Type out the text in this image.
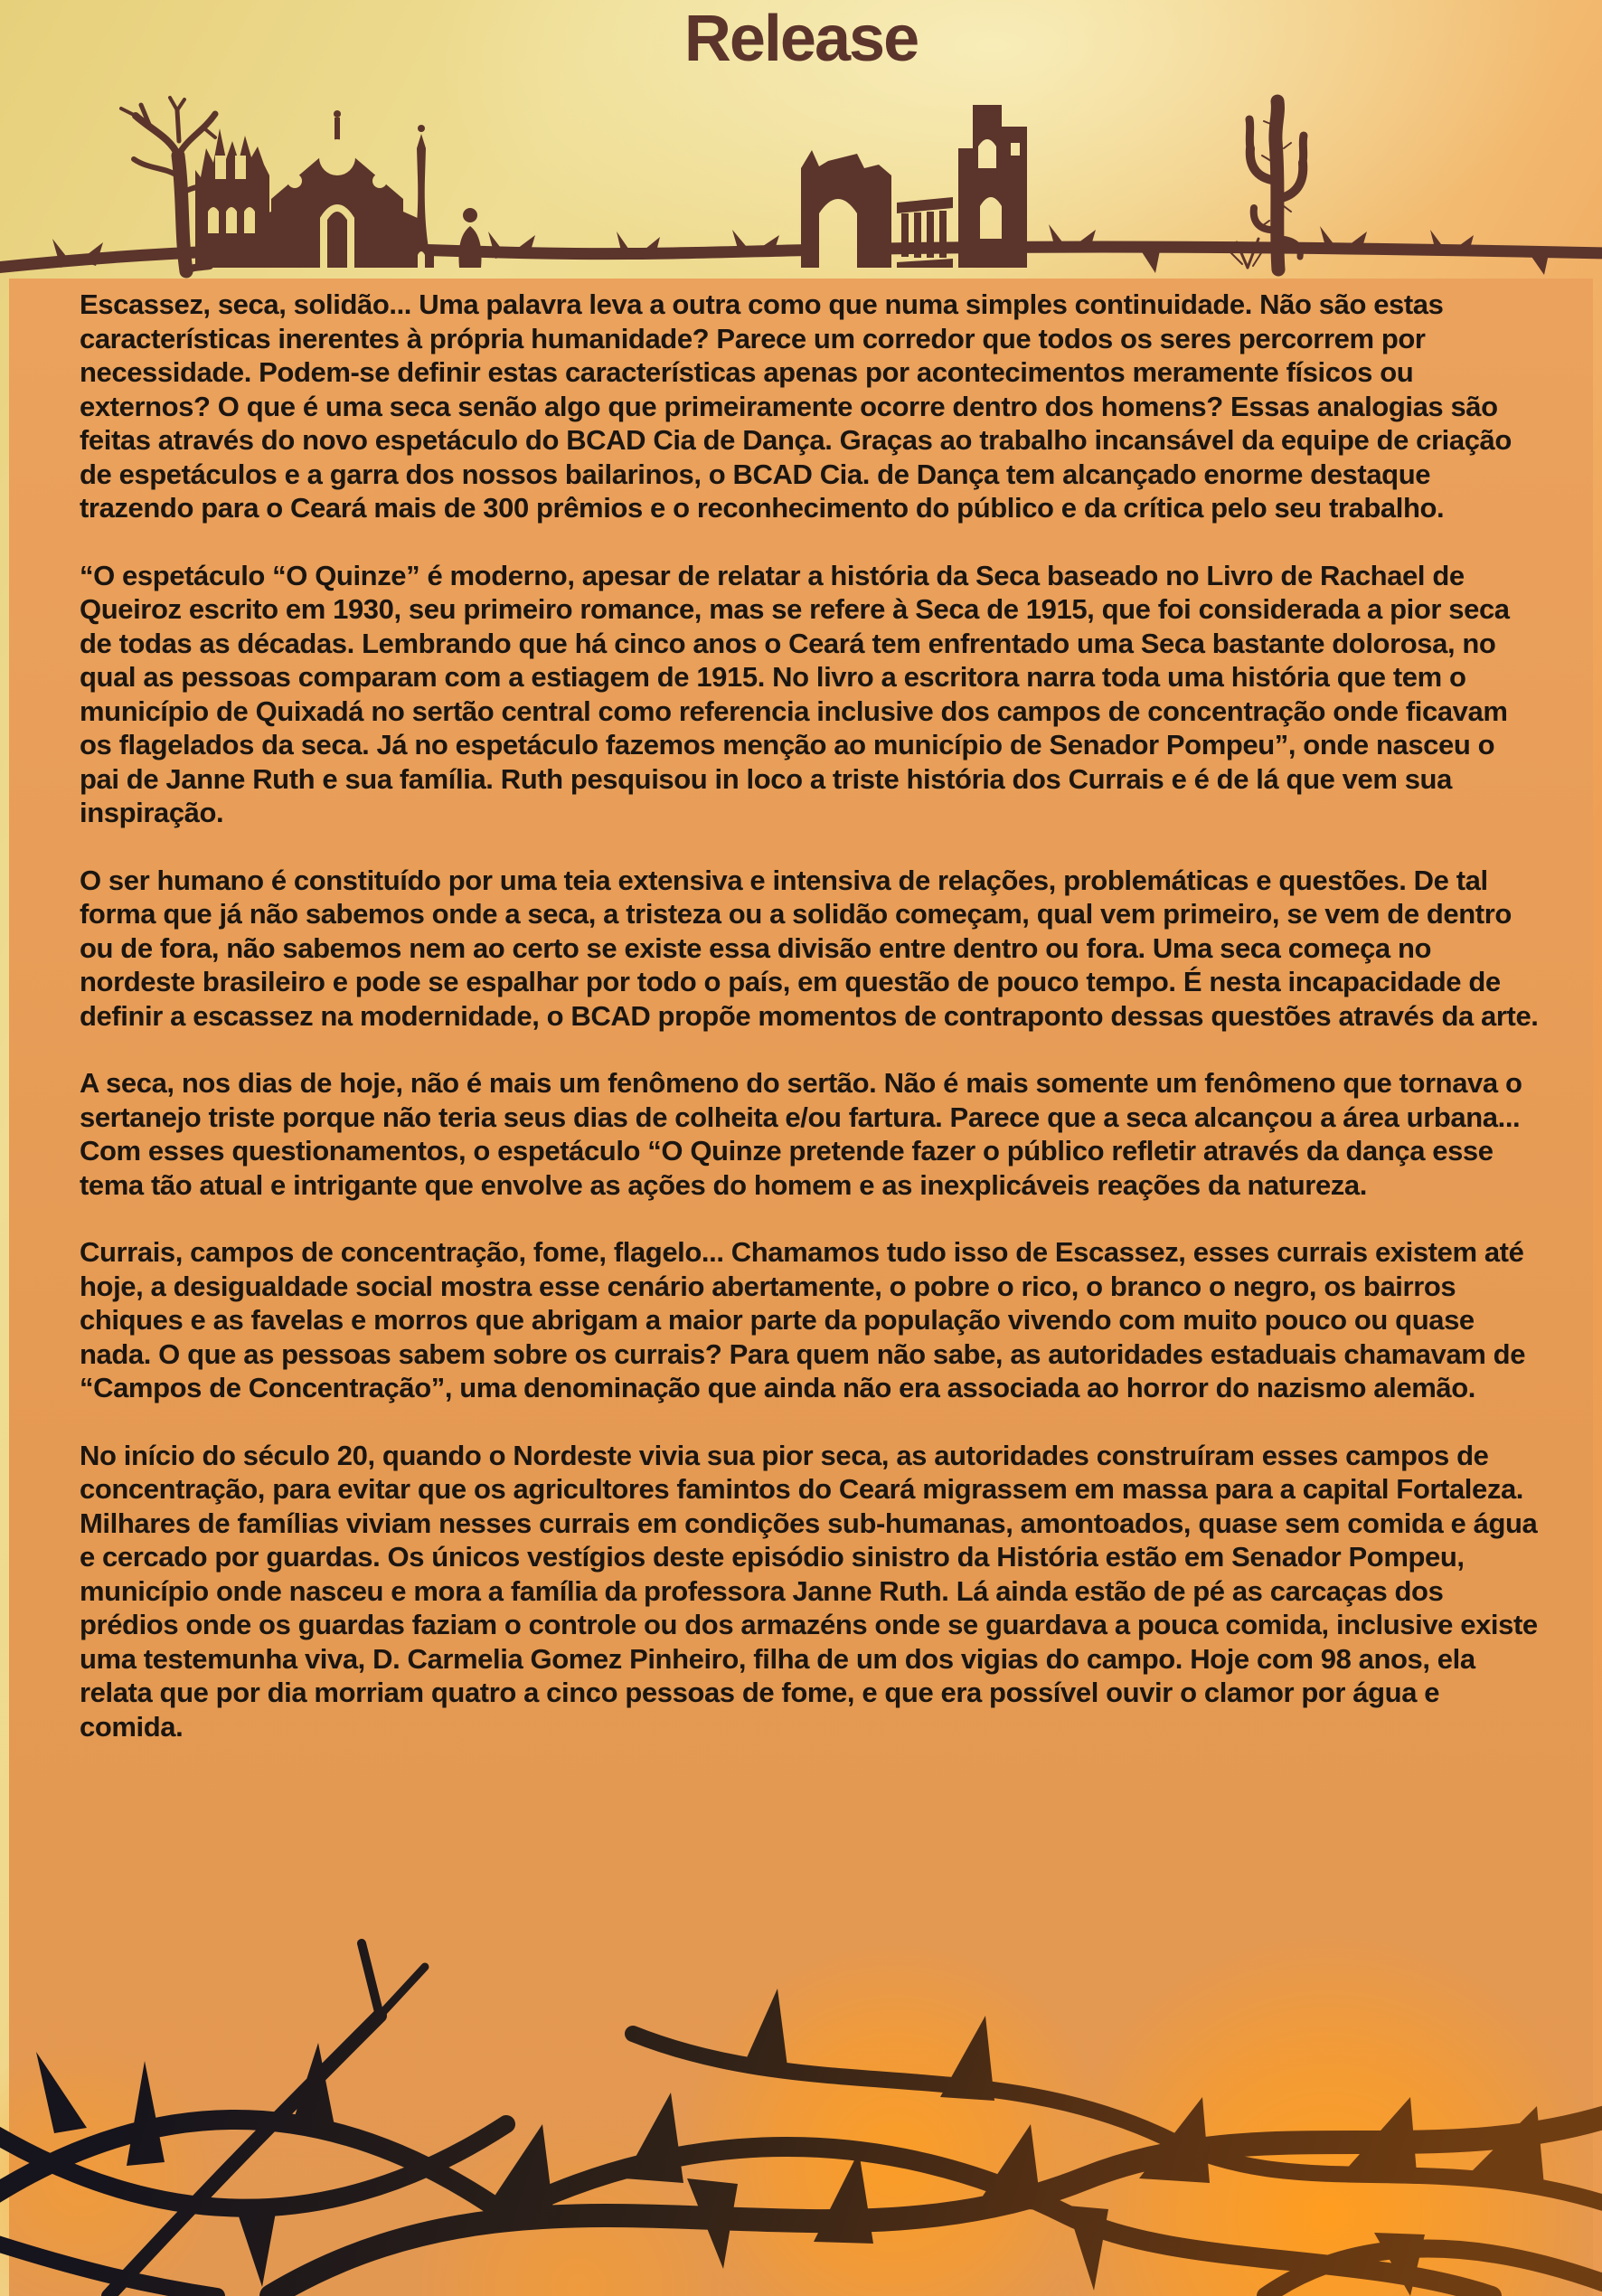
Release

Escassez, seca, solidão... Uma palavra leva a outra como que numa simples continuidade. Não são estas características inerentes à própria humanidade? Parece um corredor que todos os seres percorrem por necessidade. Podem-se definir estas características apenas por acontecimentos meramente físicos ou externos? O que é uma seca senão algo que primeiramente ocorre dentro dos homens? Essas analogias são feitas através do novo espetáculo do BCAD Cia de Dança. Graças ao trabalho incansável da equipe de criação de espetáculos e a garra dos nossos bailarinos, o BCAD Cia. de Dança tem alcançado enorme destaque trazendo para o Ceará mais de 300 prêmios e o reconhecimento do público e da crítica pelo seu trabalho.

“O espetáculo “O Quinze” é moderno, apesar de relatar a história da Seca baseado no Livro de Rachael de Queiroz escrito em 1930, seu primeiro romance, mas se refere à Seca de 1915, que foi considerada a pior seca de todas as décadas. Lembrando que há cinco anos o Ceará tem enfrentado uma Seca bastante dolorosa, no qual as pessoas comparam com a estiagem de 1915. No livro a escritora narra toda uma história que tem o município de Quixadá no sertão central como referencia inclusive dos campos de concentração onde ficavam os flagelados da seca. Já no espetáculo fazemos menção ao município de Senador Pompeu”, onde nasceu o pai de Janne Ruth e sua família. Ruth pesquisou in loco a triste história dos Currais e é de lá que vem sua inspiração.

O ser humano é constituído por uma teia extensiva e intensiva de relações, problemáticas e questões. De tal forma que já não sabemos onde a seca, a tristeza ou a solidão começam, qual vem primeiro, se vem de dentro ou de fora, não sabemos nem ao certo se existe essa divisão entre dentro ou fora. Uma seca começa no nordeste brasileiro e pode se espalhar por todo o país, em questão de pouco tempo. É nesta incapacidade de definir a escassez na modernidade, o BCAD propõe momentos de contraponto dessas questões através da arte.

A seca, nos dias de hoje, não é mais um fenômeno do sertão. Não é mais somente um fenômeno que tornava o sertanejo triste porque não teria seus dias de colheita e/ou fartura. Parece que a seca alcançou a área urbana... Com esses questionamentos, o espetáculo “O Quinze pretende fazer o público refletir através da dança esse tema tão atual e intrigante que envolve as ações do homem e as inexplicáveis reações da natureza.

Currais, campos de concentração, fome, flagelo... Chamamos tudo isso de Escassez, esses currais existem até hoje, a desigualdade social mostra esse cenário abertamente, o pobre o rico, o branco o negro, os bairros chiques e as favelas e morros que abrigam a maior parte da população vivendo com muito pouco ou quase nada. O que as pessoas sabem sobre os currais? Para quem não sabe, as autoridades estaduais chamavam de “Campos de Concentração”, uma denominação que ainda não era associada ao horror do nazismo alemão.

No início do século 20, quando o Nordeste vivia sua pior seca, as autoridades construíram esses campos de concentração, para evitar que os agricultores famintos do Ceará migrassem em massa para a capital Fortaleza. Milhares de famílias viviam nesses currais em condições sub-humanas, amontoados, quase sem comida e água e cercado por guardas. Os únicos vestígios deste episódio sinistro da História estão em Senador Pompeu, município onde nasceu e mora a família da professora Janne Ruth. Lá ainda estão de pé as carcaças dos prédios onde os guardas faziam o controle ou dos armazéns onde se guardava a pouca comida, inclusive existe uma testemunha viva, D. Carmelia Gomez Pinheiro, filha de um dos vigias do campo. Hoje com 98 anos, ela relata que por dia morriam quatro a cinco pessoas de fome, e que era possível ouvir o clamor por água e comida.
